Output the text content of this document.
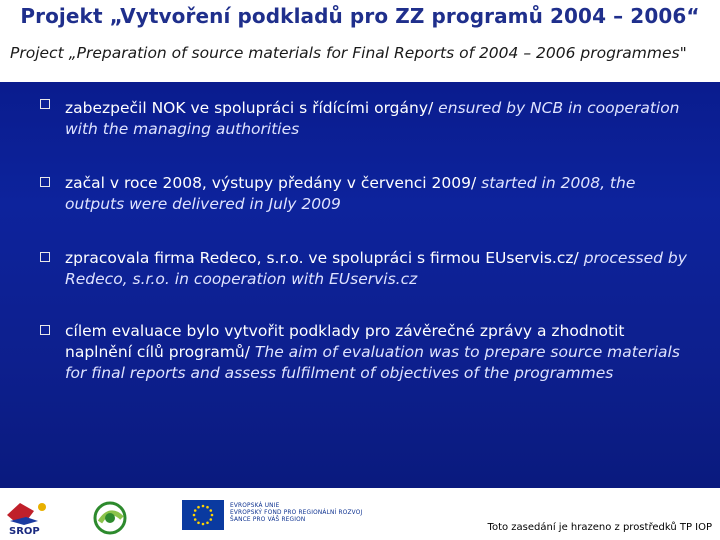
Projekt „Vytvoření podkladů pro ZZ programů 2004 – 2006“
Project „Preparation of source materials for Final Reports of 2004 – 2006 programmes"
zabezpečil NOK ve spolupráci s řídícími orgány/ ensured by NCB in cooperation with the managing authorities
začal v roce 2008, výstupy předány v červenci 2009/ started in 2008, the outputs were delivered in July 2009
zpracovala firma Redeco, s.r.o. ve spolupráci s firmou EUservis.cz/ processed by Redeco, s.r.o. in cooperation with EUservis.cz
cílem evaluace bylo vytvořit podklady pro závěrečné zprávy a zhodnotit naplnění cílů programů/ The aim of evaluation was to prepare source materials for final reports and assess fulfilment of objectives of the programmes
SROP
EVROPSKÁ UNIE
EVROPSKÝ FOND PRO REGIONÁLNÍ ROZVOJ
ŠANCE PRO VÁŠ REGION
Toto zasedání je hrazeno z prostředků TP IOP
